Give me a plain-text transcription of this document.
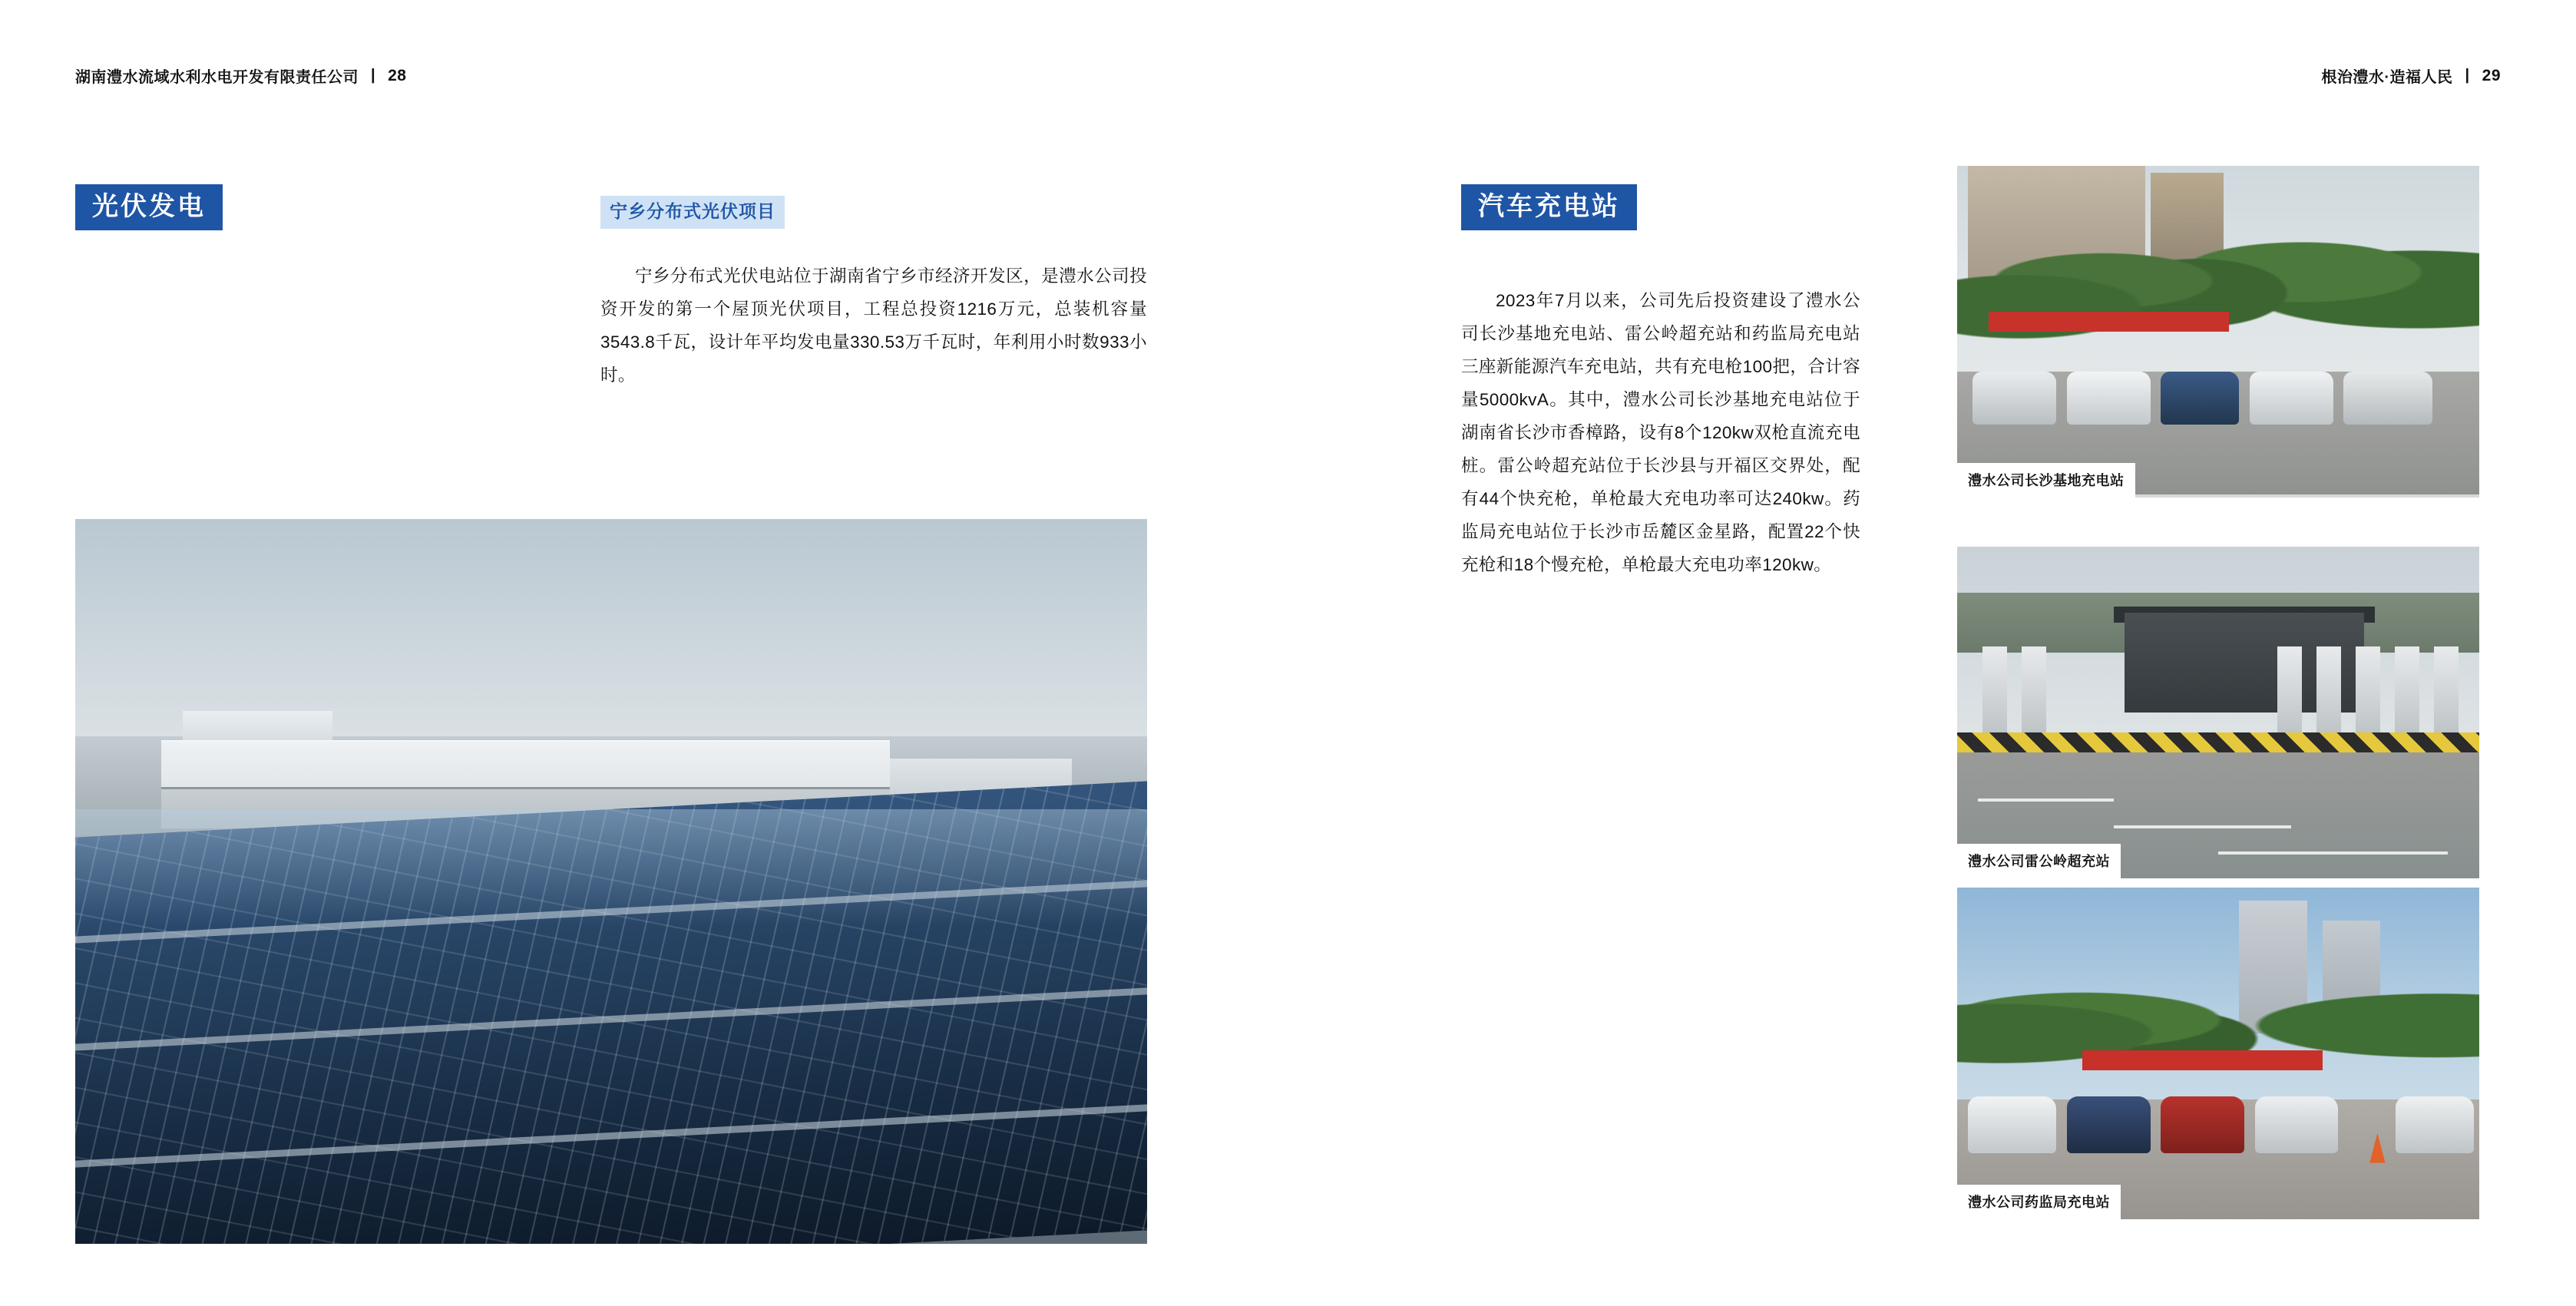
湖南澧水流域水利水电开发有限责任公司 | 28
光伏发电	宁乡分布式光伏项目
宁乡分布式光伏电站位于湖南省宁乡市经济开发区，是澧水公司投资开发的第一个屋顶光伏项目，工程总投资1216万元，总装机容量3543.8千瓦，设计年平均发电量330.53万千瓦时，年利用小时数933小时。
根治澧水·造福人民 | 29
汽车充电站
2023年7月以来，公司先后投资建设了澧水公司长沙基地充电站、雷公岭超充站和药监局充电站三座新能源汽车充电站，共有充电枪100把，合计容量5000kvA。其中，澧水公司长沙基地充电站位于湖南省长沙市香樟路，设有8个120kw双枪直流充电桩。雷公岭超充站位于长沙县与开福区交界处，配有44个快充枪，单枪最大充电功率可达240kw。药监局充电站位于长沙市岳麓区金星路，配置22个快充枪和18个慢充枪，单枪最大充电功率120kw。
澧水公司长沙基地充电站
澧水公司雷公岭超充站
澧水公司药监局充电站
